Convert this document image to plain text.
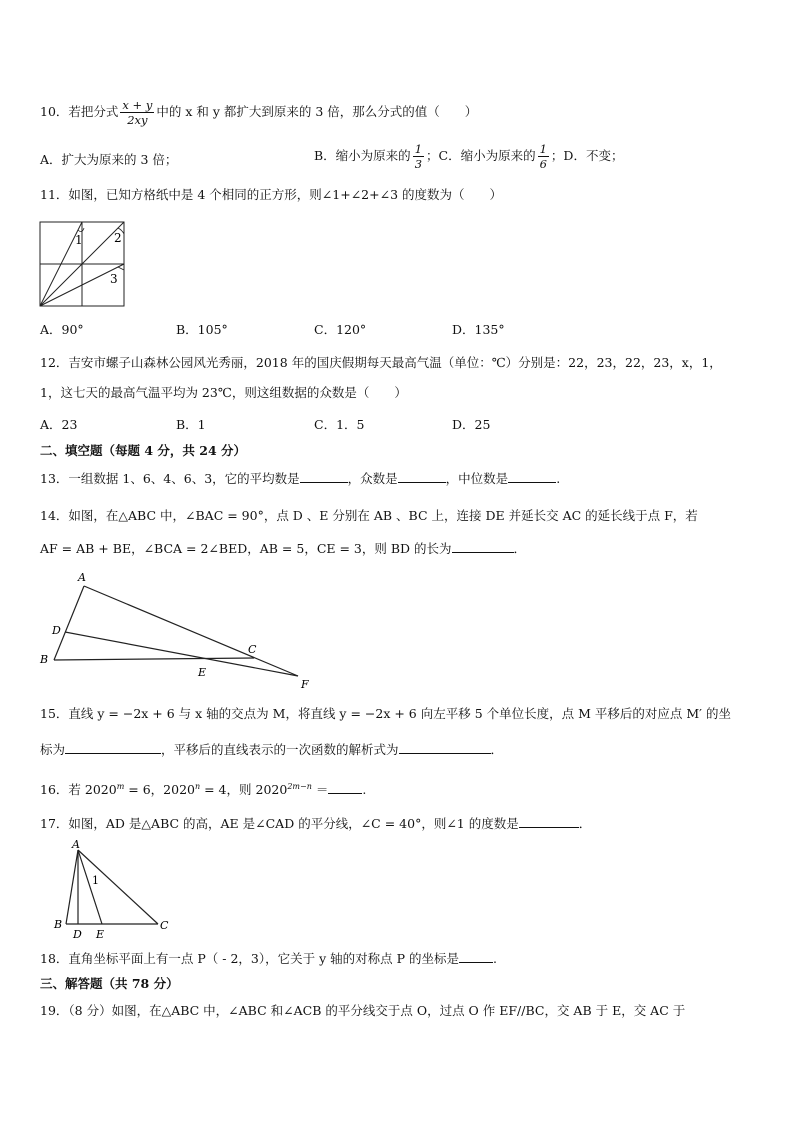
10．若把分式 $\frac{x + y}{2xy}$ 中的 x 和 y 都扩大到原来的 3 倍，那么分式的值（　　）
A．扩大为原来的 3 倍；	B．缩小为原来的 $\frac{1}{3}$ ；C．缩小为原来的 $\frac{1}{6}$ ；D．不变；
11．如图，已知方格纸中是 4 个相同的正方形，则∠1+∠2+∠3 的度数为（　　）
1	2
3
A．90°	B．105°	C．120°	D．135°
12．吉安市螺子山森林公园风光秀丽，2018 年的国庆假期每天最高气温（单位：℃）分别是：22，23，22，23，x，1，
1，这七天的最高气温平均为 23℃，则这组数据的众数是（　　）
A．23	B．1	C．1．5	D．25
二、填空题（每题 4 分，共 24 分）
13．一组数据 1、6、4、6、3，它的平均数是	，众数是	，中位数是	.
14．如图，在△ABC 中，∠BAC = 90°，点 D 、E 分别在 AB 、BC 上，连接 DE 并延长交 AC 的延长线于点 F，若
AF = AB + BE，∠BCA = 2∠BED，AB = 5，CE = 3，则 BD 的长为	．
A
B
C
D
E
F
15．直线 y = −2x + 6 与 x 轴的交点为 M，将直线 y = −2x + 6 向左平移 5 个单位长度，点 M 平移后的对应点 M′ 的坐
标为	，平移后的直线表示的一次函数的解析式为	．
16．若 $2020^m = 6$，$2020^n = 4$，则 $2020^{2m-n}$ ＝	.
17．如图，AD 是△ABC 的高，AE 是∠CAD 的平分线，∠C = 40°，则∠1 的度数是	．
A
B	C
D E
1
18．直角坐标平面上有一点 P（ - 2，3），它关于 y 轴的对称点 P 的坐标是	.
三、解答题（共 78 分）
19．（8 分）如图，在△ABC 中，∠ABC 和∠ACB 的平分线交于点 O，过点 O 作 EF//BC，交 AB 于 E，交 AC 于
